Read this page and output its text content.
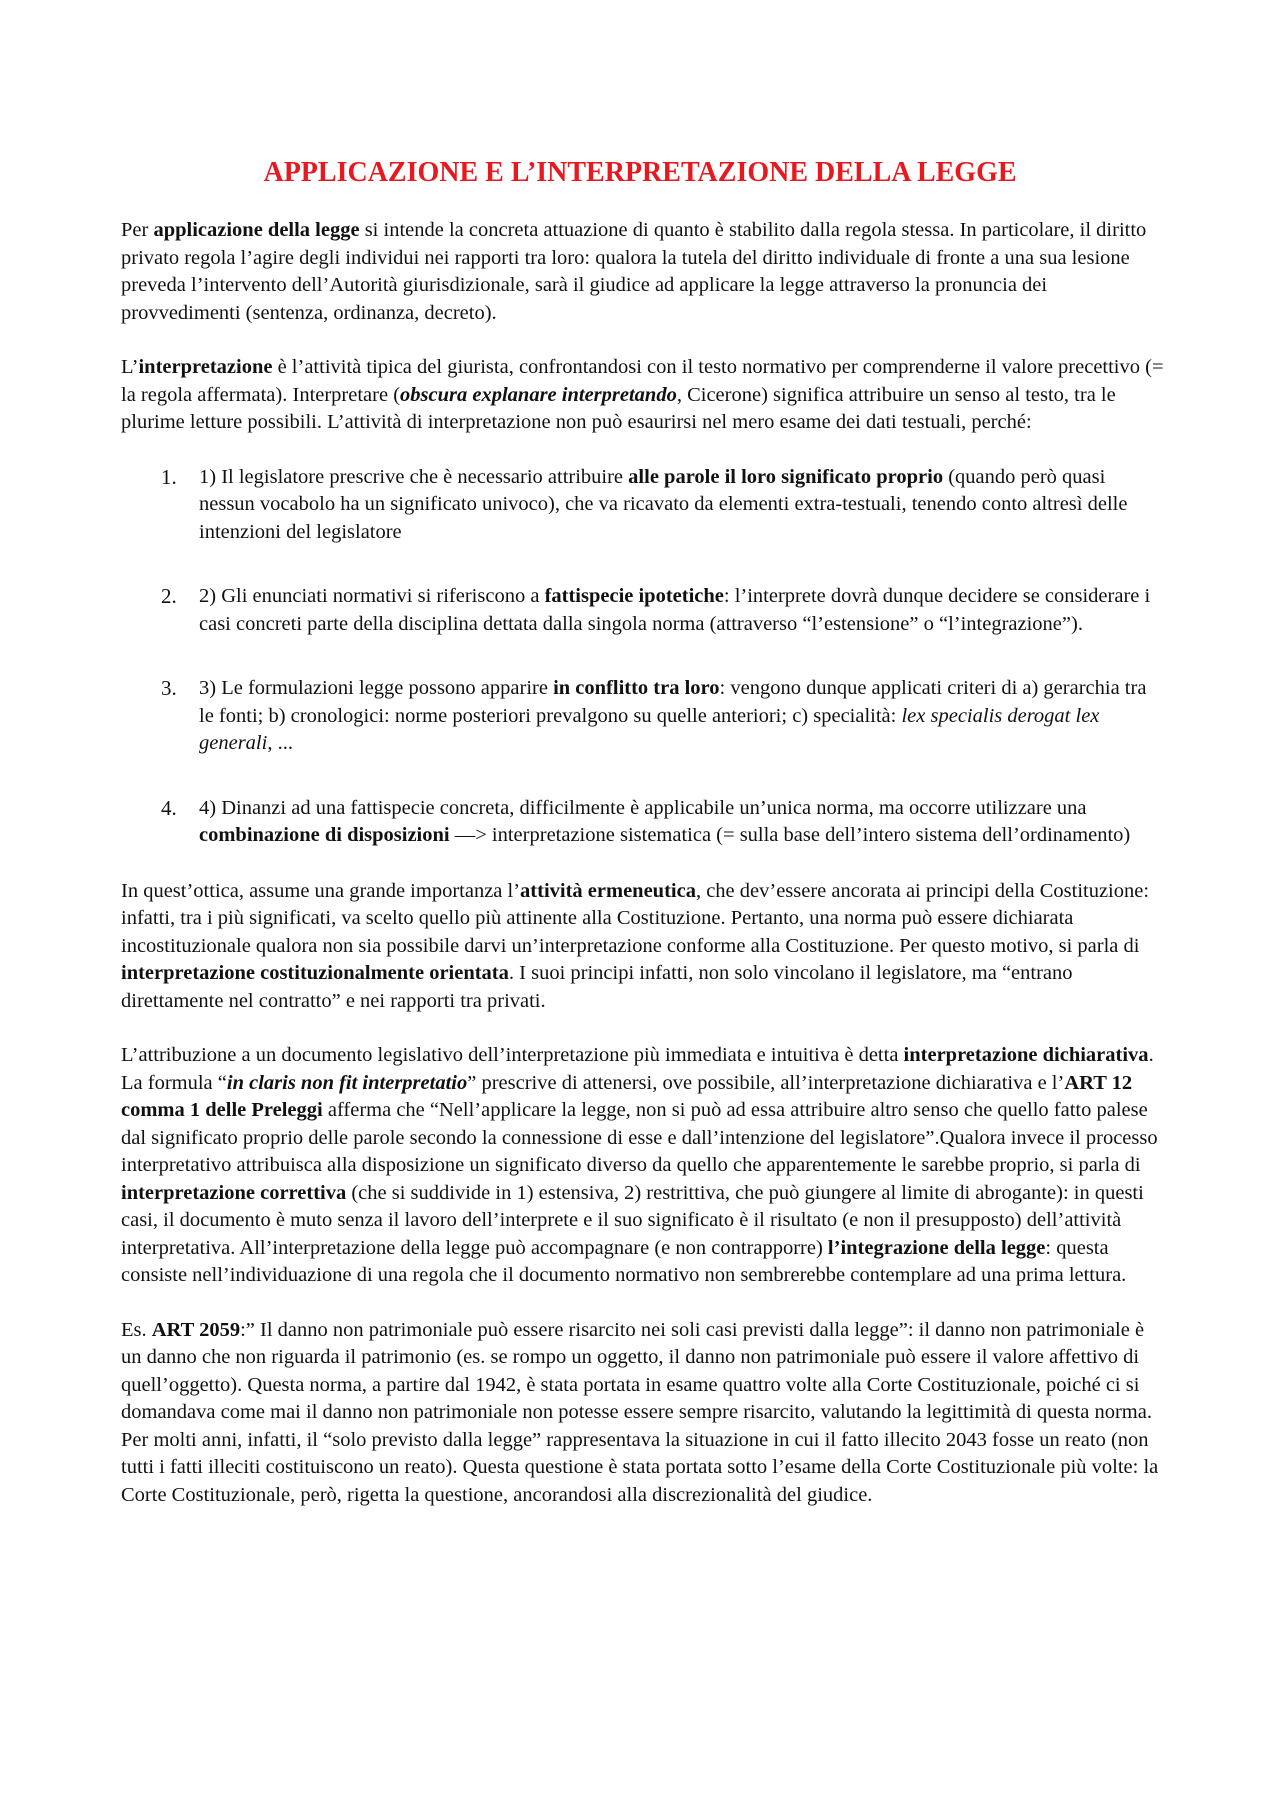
APPLICAZIONE E L’INTERPRETAZIONE DELLA LEGGE

Per applicazione della legge si intende la concreta attuazione di quanto è stabilito dalla regola stessa. In particolare, il diritto privato regola l’agire degli individui nei rapporti tra loro: qualora la tutela del diritto individuale di fronte a una sua lesione preveda l’intervento dell’Autorità giurisdizionale, sarà il giudice ad applicare la legge attraverso la pronuncia dei provvedimenti (sentenza, ordinanza, decreto).

L’interpretazione è l’attività tipica del giurista, confrontandosi con il testo normativo per comprenderne il valore precettivo (= la regola affermata). Interpretare (obscura explanare interpretando, Cicerone) significa attribuire un senso al testo, tra le plurime letture possibili. L’attività di interpretazione non può esaurirsi nel mero esame dei dati testuali, perché:

1. 1) Il legislatore prescrive che è necessario attribuire alle parole il loro significato proprio (quando però quasi nessun vocabolo ha un significato univoco), che va ricavato da elementi extra-testuali, tenendo conto altresì delle intenzioni del legislatore
2. 2) Gli enunciati normativi si riferiscono a fattispecie ipotetiche: l’interprete dovrà dunque decidere se considerare i casi concreti parte della disciplina dettata dalla singola norma (attraverso “l’estensione” o “l’integrazione”).
3. 3) Le formulazioni legge possono apparire in conflitto tra loro: vengono dunque applicati criteri di a) gerarchia tra le fonti; b) cronologici: norme posteriori prevalgono su quelle anteriori; c) specialità: lex specialis derogat lex generali, ...
4. 4) Dinanzi ad una fattispecie concreta, difficilmente è applicabile un’unica norma, ma occorre utilizzare una combinazione di disposizioni —> interpretazione sistematica (= sulla base dell’intero sistema dell’ordinamento)

In quest’ottica, assume una grande importanza l’attività ermeneutica, che dev’essere ancorata ai principi della Costituzione: infatti, tra i più significati, va scelto quello più attinente alla Costituzione. Pertanto, una norma può essere dichiarata incostituzionale qualora non sia possibile darvi un’interpretazione conforme alla Costituzione. Per questo motivo, si parla di interpretazione costituzionalmente orientata. I suoi principi infatti, non solo vincolano il legislatore, ma “entrano direttamente nel contratto” e nei rapporti tra privati.

L’attribuzione a un documento legislativo dell’interpretazione più immediata e intuitiva è detta interpretazione dichiarativa. La formula “in claris non fit interpretatio” prescrive di attenersi, ove possibile, all’interpretazione dichiarativa e l’ART 12 comma 1 delle Preleggi afferma che “Nell’applicare la legge, non si può ad essa attribuire altro senso che quello fatto palese dal significato proprio delle parole secondo la connessione di esse e dall’intenzione del legislatore”.Qualora invece il processo interpretativo attribuisca alla disposizione un significato diverso da quello che apparentemente le sarebbe proprio, si parla di interpretazione correttiva (che si suddivide in 1) estensiva, 2) restrittiva, che può giungere al limite di abrogante): in questi casi, il documento è muto senza il lavoro dell’interprete e il suo significato è il risultato (e non il presupposto) dell’attività interpretativa. All’interpretazione della legge può accompagnare (e non contrapporre) l’integrazione della legge: questa consiste nell’individuazione di una regola che il documento normativo non sembrerebbe contemplare ad una prima lettura.

Es. ART 2059:” Il danno non patrimoniale può essere risarcito nei soli casi previsti dalla legge”: il danno non patrimoniale è un danno che non riguarda il patrimonio (es. se rompo un oggetto, il danno non patrimoniale può essere il valore affettivo di quell’oggetto). Questa norma, a partire dal 1942, è stata portata in esame quattro volte alla Corte Costituzionale, poiché ci si domandava come mai il danno non patrimoniale non potesse essere sempre risarcito, valutando la legittimità di questa norma. Per molti anni, infatti, il “solo previsto dalla legge” rappresentava la situazione in cui il fatto illecito 2043 fosse un reato (non tutti i fatti illeciti costituiscono un reato). Questa questione è stata portata sotto l’esame della Corte Costituzionale più volte: la Corte Costituzionale, però, rigetta la questione, ancorandosi alla discrezionalità del giudice.
